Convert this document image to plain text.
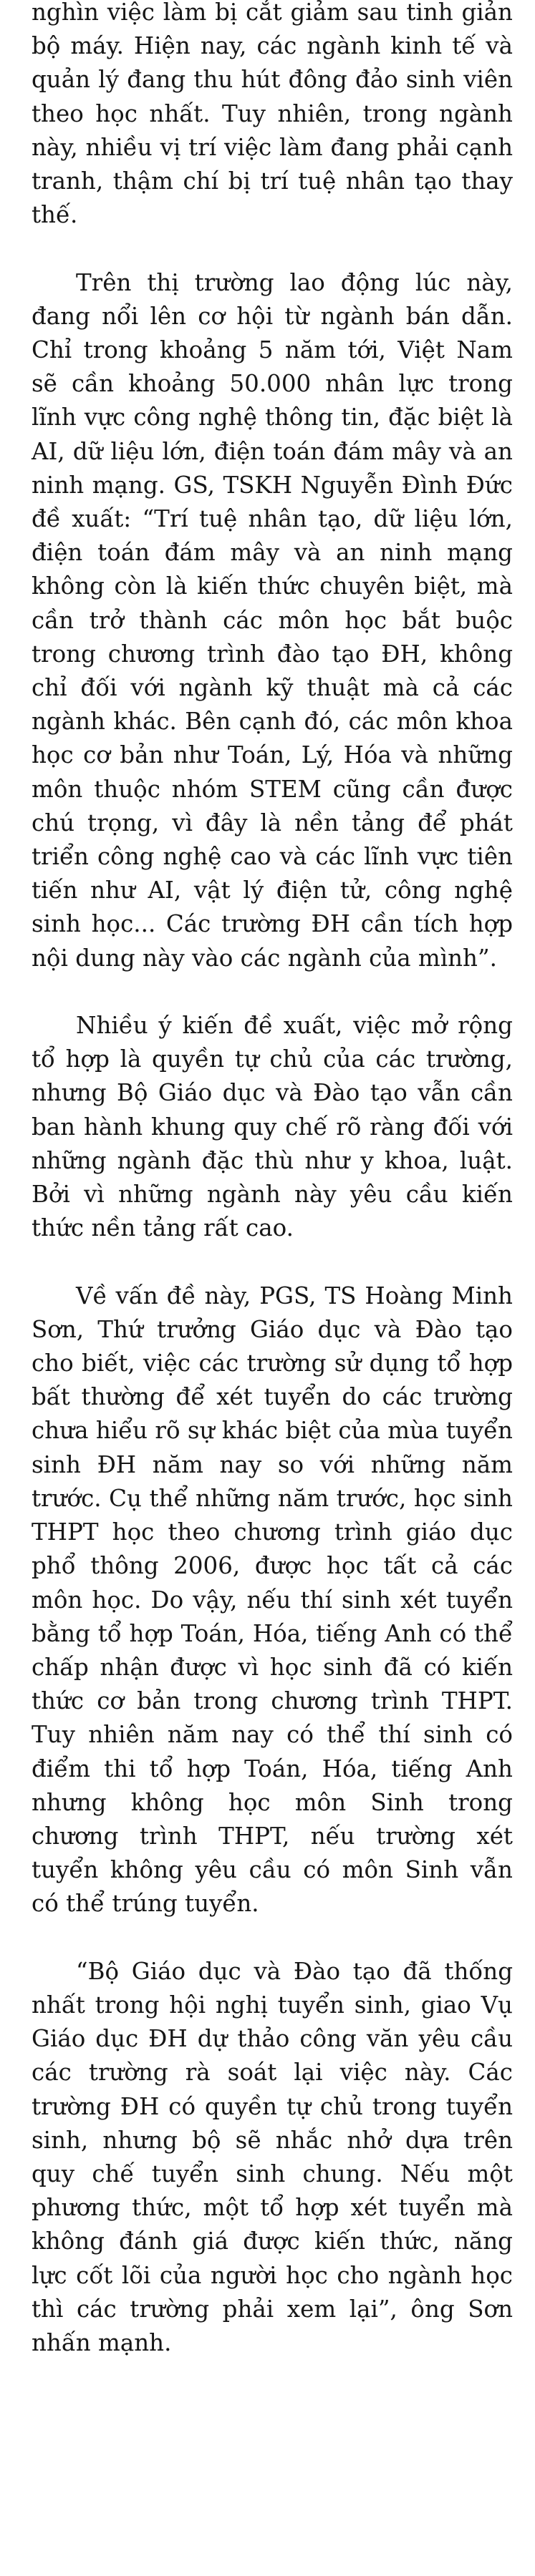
nghìn việc làm bị cắt giảm sau tinh giản bộ máy. Hiện nay, các ngành kinh tế và quản lý đang thu hút đông đảo sinh viên theo học nhất. Tuy nhiên, trong ngành này, nhiều vị trí việc làm đang phải cạnh tranh, thậm chí bị trí tuệ nhân tạo thay thế.

Trên thị trường lao động lúc này, đang nổi lên cơ hội từ ngành bán dẫn. Chỉ trong khoảng 5 năm tới, Việt Nam sẽ cần khoảng 50.000 nhân lực trong lĩnh vực công nghệ thông tin, đặc biệt là AI, dữ liệu lớn, điện toán đám mây và an ninh mạng. GS, TSKH Nguyễn Đình Đức đề xuất: “Trí tuệ nhân tạo, dữ liệu lớn, điện toán đám mây và an ninh mạng không còn là kiến thức chuyên biệt, mà cần trở thành các môn học bắt buộc trong chương trình đào tạo ĐH, không chỉ đối với ngành kỹ thuật mà cả các ngành khác. Bên cạnh đó, các môn khoa học cơ bản như Toán, Lý, Hóa và những môn thuộc nhóm STEM cũng cần được chú trọng, vì đây là nền tảng để phát triển công nghệ cao và các lĩnh vực tiên tiến như AI, vật lý điện tử, công nghệ sinh học... Các trường ĐH cần tích hợp nội dung này vào các ngành của mình”.

Nhiều ý kiến đề xuất, việc mở rộng tổ hợp là quyền tự chủ của các trường, nhưng Bộ Giáo dục và Đào tạo vẫn cần ban hành khung quy chế rõ ràng đối với những ngành đặc thù như y khoa, luật. Bởi vì những ngành này yêu cầu kiến thức nền tảng rất cao.

Về vấn đề này, PGS, TS Hoàng Minh Sơn, Thứ trưởng Giáo dục và Đào tạo cho biết, việc các trường sử dụng tổ hợp bất thường để xét tuyển do các trường chưa hiểu rõ sự khác biệt của mùa tuyển sinh ĐH năm nay so với những năm trước. Cụ thể những năm trước, học sinh THPT học theo chương trình giáo dục phổ thông 2006, được học tất cả các môn học. Do vậy, nếu thí sinh xét tuyển bằng tổ hợp Toán, Hóa, tiếng Anh có thể chấp nhận được vì học sinh đã có kiến thức cơ bản trong chương trình THPT. Tuy nhiên năm nay có thể thí sinh có điểm thi tổ hợp Toán, Hóa, tiếng Anh nhưng không học môn Sinh trong chương trình THPT, nếu trường xét tuyển không yêu cầu có môn Sinh vẫn có thể trúng tuyển.

“Bộ Giáo dục và Đào tạo đã thống nhất trong hội nghị tuyển sinh, giao Vụ Giáo dục ĐH dự thảo công văn yêu cầu các trường rà soát lại việc này. Các trường ĐH có quyền tự chủ trong tuyển sinh, nhưng bộ sẽ nhắc nhở dựa trên quy chế tuyển sinh chung. Nếu một phương thức, một tổ hợp xét tuyển mà không đánh giá được kiến thức, năng lực cốt lõi của người học cho ngành học thì các trường phải xem lại”, ông Sơn nhấn mạnh.
